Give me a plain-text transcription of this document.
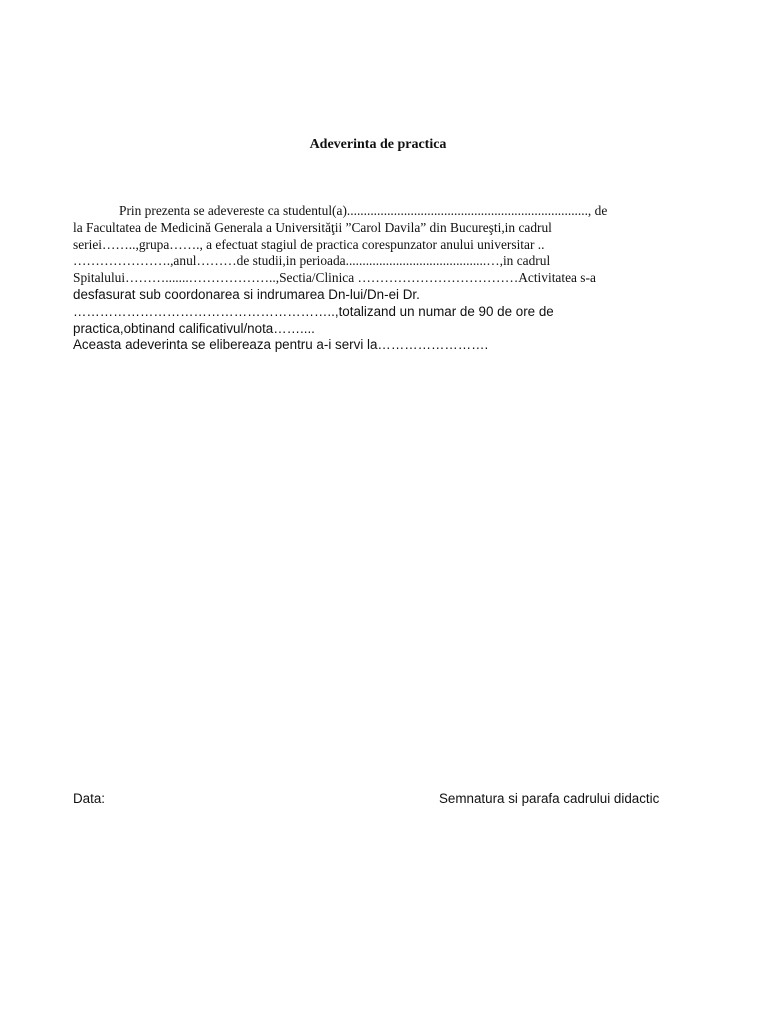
Adeverinta de practica
Prin prezenta se adevereste ca studentul(a)........................................................................, de
la Facultatea de Medicină Generala a Universităţii ”Carol Davila” din Bucureşti,in cadrul
seriei……..,grupa……., a efectuat stagiul de practica corespunzator anului universitar ..
………………….,anul………de studii,in perioada..........................................…,in cadrul
Spitalului……….......………………..,Sectia/Clinica ………………………………Activitatea s-a
desfasurat sub coordonarea si indrumarea Dn-lui/Dn-ei Dr.
…………………………………………………..,totalizand un numar de 90 de ore de
practica,obtinand calificativul/nota……....
Aceasta adeverinta se elibereaza pentru a-i servi la…………………….
Data:	Semnatura si parafa cadrului didactic
